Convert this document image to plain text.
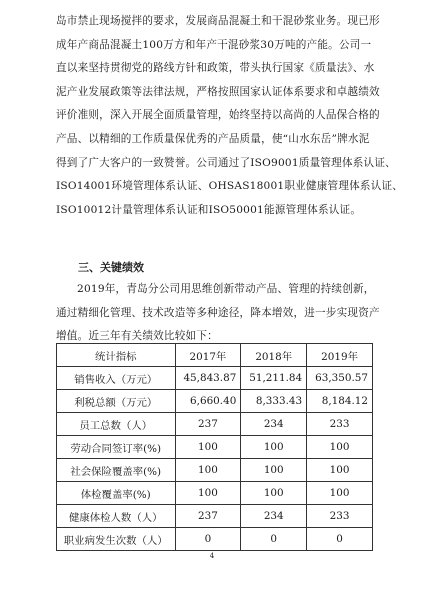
岛市禁止现场搅拌的要求，发展商品混凝土和干混砂浆业务。现已形
成年产商品混凝土100万方和年产干混砂浆30万吨的产能。公司一
直以来坚持贯彻党的路线方针和政策，带头执行国家《质量法》、水
泥产业发展政策等法律法规，严格按照国家认证体系要求和卓越绩效
评价准则，深入开展全面质量管理，始终坚持以高尚的人品保合格的
产品、以精细的工作质量保优秀的产品质量，使“山水东岳”牌水泥
得到了广大客户的一致赞誉。公司通过了ISO9001质量管理体系认证、
ISO14001环境管理体系认证、OHSAS18001职业健康管理体系认证、
ISO10012计量管理体系认证和ISO50001能源管理体系认证。
三、关键绩效
2019年，青岛分公司用思维创新带动产品、管理的持续创新，
通过精细化管理、技术改造等多种途径，降本增效，进一步实现资产
增值。近三年有关绩效比较如下：
统计指标	2017年	2018年	2019年
销售收入（万元）	45,843.87	51,211.84	63,350.57
利税总额（万元）	6,660.40	8,333.43	8,184.12
员工总数（人）	237	234	233
劳动合同签订率(%)	100	100	100
社会保险覆盖率(%)	100	100	100
体检覆盖率(%)	100	100	100
健康体检人数（人）	237	234	233
职业病发生次数（人）	0	0	0

4
